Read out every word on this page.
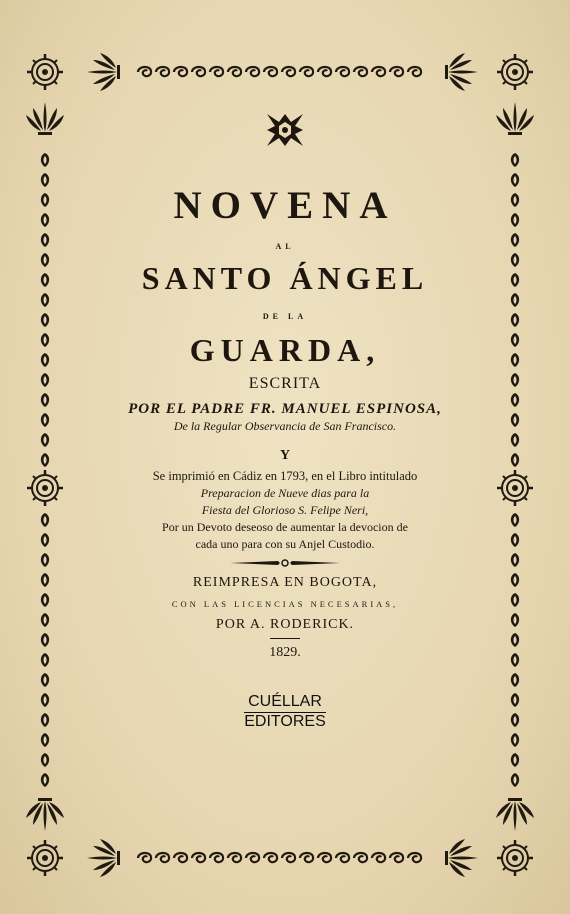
NOVENA
AL
SANTO ÁNGEL
DE LA
GUARDA,
ESCRITA
POR EL PADRE FR. MANUEL ESPINOSA,
De la Regular Observancia de San Francisco.
Y
Se imprimió en Cádiz en 1793, en el Libro intitulado
Preparacion de Nueve dias para la
Fiesta del Glorioso S. Felipe Neri,
Por un Devoto deseoso de aumentar la devocion de
cada uno para con su Anjel Custodio.
REIMPRESA EN BOGOTA,
CON LAS LICENCIAS NECESARIAS,
POR A. RODERICK.
1829.
CUÉLLAR
EDITORES
